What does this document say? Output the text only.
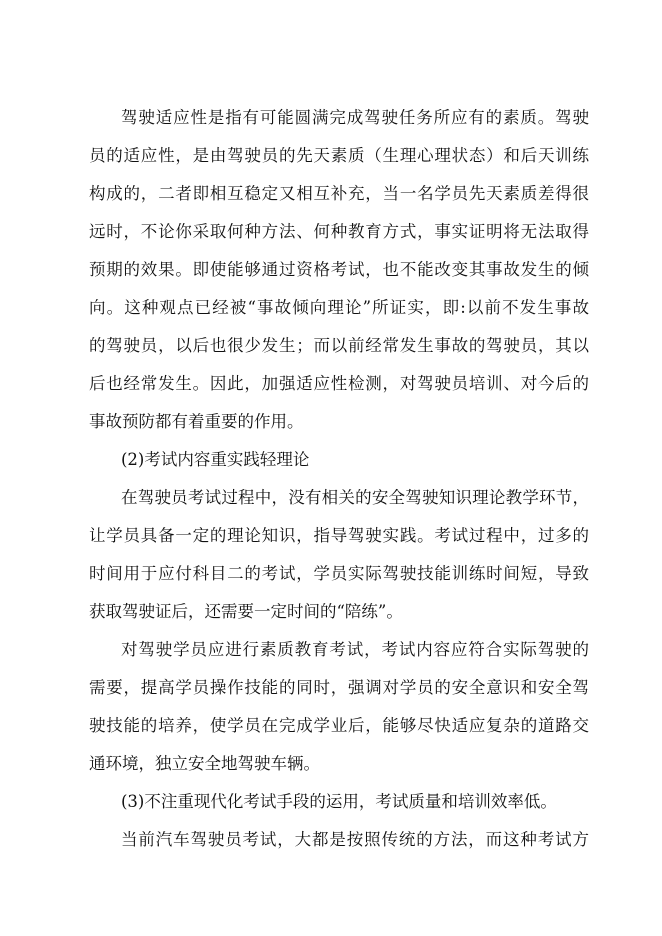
驾驶适应性是指有可能圆满完成驾驶任务所应有的素质。驾驶
员的适应性，是由驾驶员的先天素质（生理心理状态）和后天训练
构成的，二者即相互稳定又相互补充，当一名学员先天素质差得很
远时，不论你采取何种方法、何种教育方式，事实证明将无法取得
预期的效果。即使能够通过资格考试，也不能改变其事故发生的倾
向。这种观点已经被“事故倾向理论”所证实，即:以前不发生事故
的驾驶员，以后也很少发生；而以前经常发生事故的驾驶员，其以
后也经常发生。因此，加强适应性检测，对驾驶员培训、对今后的
事故预防都有着重要的作用。
(2)考试内容重实践轻理论
在驾驶员考试过程中，没有相关的安全驾驶知识理论教学环节，
让学员具备一定的理论知识，指导驾驶实践。考试过程中，过多的
时间用于应付科目二的考试，学员实际驾驶技能训练时间短，导致
获取驾驶证后，还需要一定时间的“陪练”。
对驾驶学员应进行素质教育考试，考试内容应符合实际驾驶的
需要，提高学员操作技能的同时，强调对学员的安全意识和安全驾
驶技能的培养，使学员在完成学业后，能够尽快适应复杂的道路交
通环境，独立安全地驾驶车辆。
(3)不注重现代化考试手段的运用，考试质量和培训效率低。
当前汽车驾驶员考试，大都是按照传统的方法，而这种考试方
